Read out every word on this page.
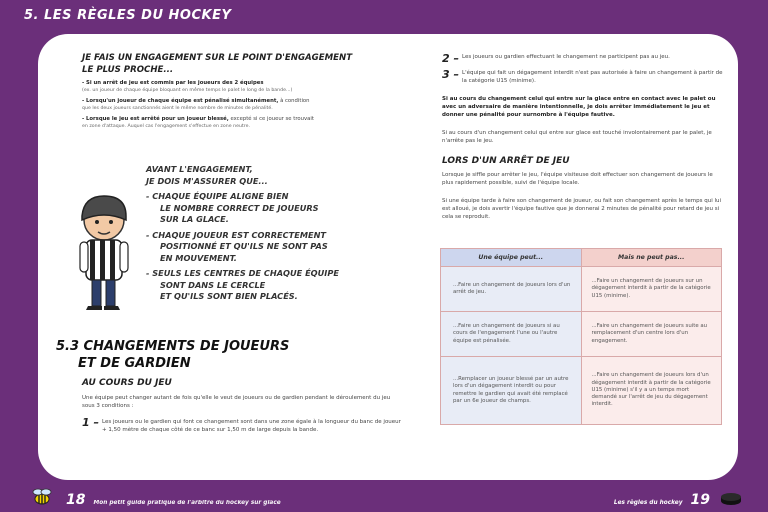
5. LES RÈGLES DU HOCKEY
JE FAIS UN ENGAGEMENT SUR LE POINT D'ENGAGEMENT
LE PLUS PROCHE...
- Si un arrêt de jeu est commis par les joueurs des 2 équipes
(ex. un joueur de chaque équipe bloquant en même temps le palet le long de la bande...)
- Lorsqu'un joueur de chaque équipe est pénalisé simultanément, à condition
que les deux joueurs sanctionnés aient le même nombre de minutes de pénalité.
- Lorsque le jeu est arrêté pour un joueur blessé, excepté si ce joueur se trouvait
en zone d'attaque. Auquel cas l'engagement s'effectue en zone neutre.
AVANT L'ENGAGEMENT,
JE DOIS M'ASSURER QUE...
- CHAQUE ÉQUIPE ALIGNE BIEN
LE NOMBRE CORRECT DE JOUEURS
SUR LA GLACE.
- CHAQUE JOUEUR EST CORRECTEMENT
POSITIONNÉ ET QU'ILS NE SONT PAS
EN MOUVEMENT.
- SEULS LES CENTRES DE CHAQUE ÉQUIPE
SONT DANS LE CERCLE
ET QU'ILS SONT BIEN PLACÉS.
5.3 CHANGEMENTS DE JOUEURS
ET DE GARDIEN
AU COURS DU JEU
Une équipe peut changer autant de fois qu'elle le veut de joueurs ou de gardien pendant le déroulement du jeu sous 3 conditions :
1 – Les joueurs ou le gardien qui font ce changement sont dans une zone égale à la longueur du banc de joueur + 1,50 mètre de chaque côté de ce banc sur 1,50 m de large depuis la bande.
2 – Les joueurs ou gardien effectuant le changement ne participent pas au jeu.
3 – L'équipe qui fait un dégagement interdit n'est pas autorisée à faire un changement à partir de la catégorie U15 (minime).
Si au cours du changement celui qui entre sur la glace entre en contact avec le palet ou avec un adversaire de manière intentionnelle, je dois arrêter immédiatement le jeu et donner une pénalité pour surnombre à l'équipe fautive.
Si au cours d'un changement celui qui entre sur glace est touché involontairement par le palet, je n'arrête pas le jeu.
LORS D'UN ARRÊT DE JEU
Lorsque je siffle pour arrêter le jeu, l'équipe visiteuse doit effectuer son changement de joueurs le plus rapidement possible, suivi de l'équipe locale.
Si une équipe tarde à faire son changement de joueur, ou fait son changement après le temps qui lui est alloué, je dois avertir l'équipe fautive que je donnerai 2 minutes de pénalité pour retard de jeu si cela se reproduit.
Une équipe peut...	Mais ne peut pas...

...Faire un changement de joueurs lors d'un arrêt de jeu.	...Faire un changement de joueurs sur un dégagement interdit à partir de la catégorie U15 (minime).

...Faire un changement de joueurs si au cours de l'engagement l'une ou l'autre équipe est pénalisée.	...Faire un changement de joueurs suite au remplacement d'un centre lors d'un engagement.

...Remplacer un joueur blessé par un autre lors d'un dégagement interdit ou pour remettre le gardien qui avait été remplacé par un 6e joueur de champs.	...Faire un changement de joueurs lors d'un dégagement interdit à partir de la catégorie U15 (minime) s'il y a un temps mort demandé sur l'arrêt de jeu du dégagement interdit.
18 Mon petit guide pratique de l'arbitre du hockey sur glace	Les règles du hockey 19
